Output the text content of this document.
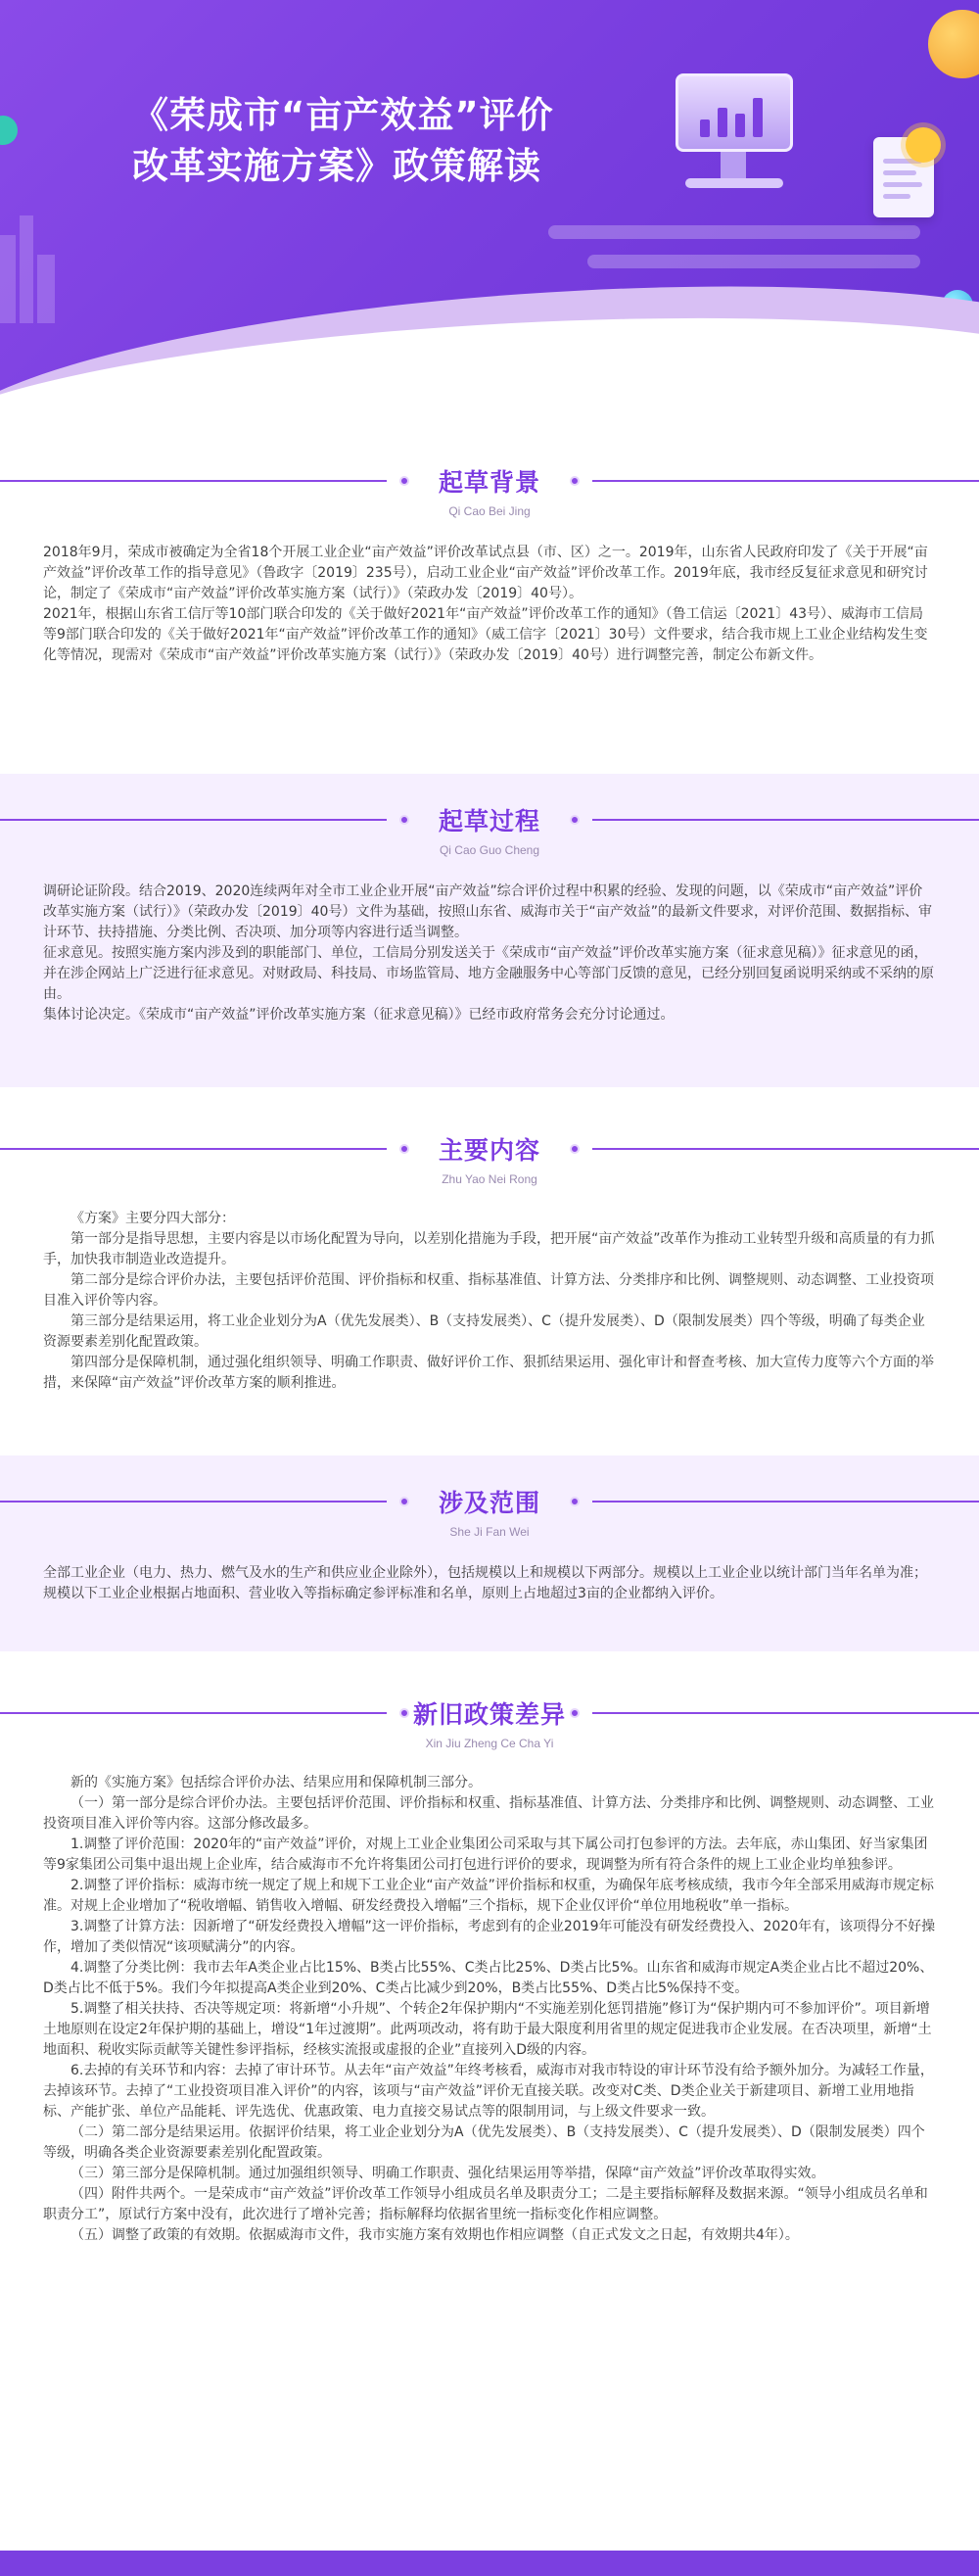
《荣成市“亩产效益”评价
改革实施方案》政策解读
起草背景
Qi Cao Bei Jing

2018年9月，荣成市被确定为全省18个开展工业企业“亩产效益”评价改革试点县（市、区）之一。2019年，山东省人民政府印发了《关于开展“亩产效益”评价改革工作的指导意见》（鲁政字〔2019〕235号），启动工业企业“亩产效益”评价改革工作。2019年底，我市经反复征求意见和研究讨论，制定了《荣成市“亩产效益”评价改革实施方案（试行）》（荣政办发〔2019〕40号）。

2021年，根据山东省工信厅等10部门联合印发的《关于做好2021年“亩产效益”评价改革工作的通知》（鲁工信运〔2021〕43号）、威海市工信局等9部门联合印发的《关于做好2021年“亩产效益”评价改革工作的通知》（威工信字〔2021〕30号）文件要求，结合我市规上工业企业结构发生变化等情况，现需对《荣成市“亩产效益”评价改革实施方案（试行）》（荣政办发〔2019〕40号）进行调整完善，制定公布新文件。

起草过程
Qi Cao Guo Cheng

调研论证阶段。结合2019、2020连续两年对全市工业企业开展“亩产效益”综合评价过程中积累的经验、发现的问题，以《荣成市“亩产效益”评价改革实施方案（试行）》（荣政办发〔2019〕40号）文件为基础，按照山东省、威海市关于“亩产效益”的最新文件要求，对评价范围、数据指标、审计环节、扶持措施、分类比例、否决项、加分项等内容进行适当调整。

征求意见。按照实施方案内涉及到的职能部门、单位，工信局分别发送关于《荣成市“亩产效益”评价改革实施方案（征求意见稿）》征求意见的函，并在涉企网站上广泛进行征求意见。对财政局、科技局、市场监管局、地方金融服务中心等部门反馈的意见，已经分别回复函说明采纳或不采纳的原由。

集体讨论决定。《荣成市“亩产效益”评价改革实施方案（征求意见稿）》已经市政府常务会充分讨论通过。

主要内容
Zhu Yao Nei Rong

《方案》主要分四大部分：

第一部分是指导思想，主要内容是以市场化配置为导向，以差别化措施为手段，把开展“亩产效益”改革作为推动工业转型升级和高质量的有力抓手，加快我市制造业改造提升。

第二部分是综合评价办法，主要包括评价范围、评价指标和权重、指标基准值、计算方法、分类排序和比例、调整规则、动态调整、工业投资项目准入评价等内容。

第三部分是结果运用，将工业企业划分为A（优先发展类）、B（支持发展类）、C（提升发展类）、D（限制发展类）四个等级，明确了每类企业资源要素差别化配置政策。

第四部分是保障机制，通过强化组织领导、明确工作职责、做好评价工作、狠抓结果运用、强化审计和督查考核、加大宣传力度等六个方面的举措，来保障“亩产效益”评价改革方案的顺利推进。

涉及范围
She Ji Fan Wei

全部工业企业（电力、热力、燃气及水的生产和供应业企业除外），包括规模以上和规模以下两部分。规模以上工业企业以统计部门当年名单为准；规模以下工业企业根据占地面积、营业收入等指标确定参评标准和名单，原则上占地超过3亩的企业都纳入评价。

新旧政策差异
Xin Jiu Zheng Ce Cha Yi

新的《实施方案》包括综合评价办法、结果应用和保障机制三部分。

（一）第一部分是综合评价办法。主要包括评价范围、评价指标和权重、指标基准值、计算方法、分类排序和比例、调整规则、动态调整、工业投资项目准入评价等内容。这部分修改最多。

1.调整了评价范围：2020年的“亩产效益”评价，对规上工业企业集团公司采取与其下属公司打包参评的方法。去年底，赤山集团、好当家集团等9家集团公司集中退出规上企业库，结合威海市不允许将集团公司打包进行评价的要求，现调整为所有符合条件的规上工业企业均单独参评。

2.调整了评价指标：威海市统一规定了规上和规下工业企业“亩产效益”评价指标和权重，为确保年底考核成绩，我市今年全部采用威海市规定标准。对规上企业增加了“税收增幅、销售收入增幅、研发经费投入增幅”三个指标，规下企业仅评价“单位用地税收”单一指标。

3.调整了计算方法：因新增了“研发经费投入增幅”这一评价指标，考虑到有的企业2019年可能没有研发经费投入、2020年有，该项得分不好操作，增加了类似情况“该项赋满分”的内容。

4.调整了分类比例：我市去年A类企业占比15%、B类占比55%、C类占比25%、D类占比5%。山东省和威海市规定A类企业占比不超过20%、D类占比不低于5%。我们今年拟提高A类企业到20%、C类占比减少到20%，B类占比55%、D类占比5%保持不变。

5.调整了相关扶持、否决等规定项：将新增“小升规”、个转企2年保护期内“不实施差别化惩罚措施”修订为“保护期内可不参加评价”。项目新增土地原则在设定2年保护期的基础上，增设“1年过渡期”。此两项改动，将有助于最大限度利用省里的规定促进我市企业发展。在否决项里，新增“土地面积、税收实际贡献等关键性参评指标，经核实流报或虚报的企业”直接列入D级的内容。

6.去掉的有关环节和内容：去掉了审计环节。从去年“亩产效益”年终考核看，威海市对我市特设的审计环节没有给予额外加分。为减轻工作量，去掉该环节。去掉了“工业投资项目准入评价”的内容，该项与“亩产效益”评价无直接关联。改变对C类、D类企业关于新建项目、新增工业用地指标、产能扩张、单位产品能耗、评先选优、优惠政策、电力直接交易试点等的限制用词，与上级文件要求一致。

（二）第二部分是结果运用。依据评价结果，将工业企业划分为A（优先发展类）、B（支持发展类）、C（提升发展类）、D（限制发展类）四个等级，明确各类企业资源要素差别化配置政策。

（三）第三部分是保障机制。通过加强组织领导、明确工作职责、强化结果运用等举措，保障“亩产效益”评价改革取得实效。

（四）附件共两个。一是荣成市“亩产效益”评价改革工作领导小组成员名单及职责分工；二是主要指标解释及数据来源。“领导小组成员名单和职责分工”，原试行方案中没有，此次进行了增补完善；指标解释均依据省里统一指标变化作相应调整。

（五）调整了政策的有效期。依据威海市文件，我市实施方案有效期也作相应调整（自正式发文之日起，有效期共4年）。
